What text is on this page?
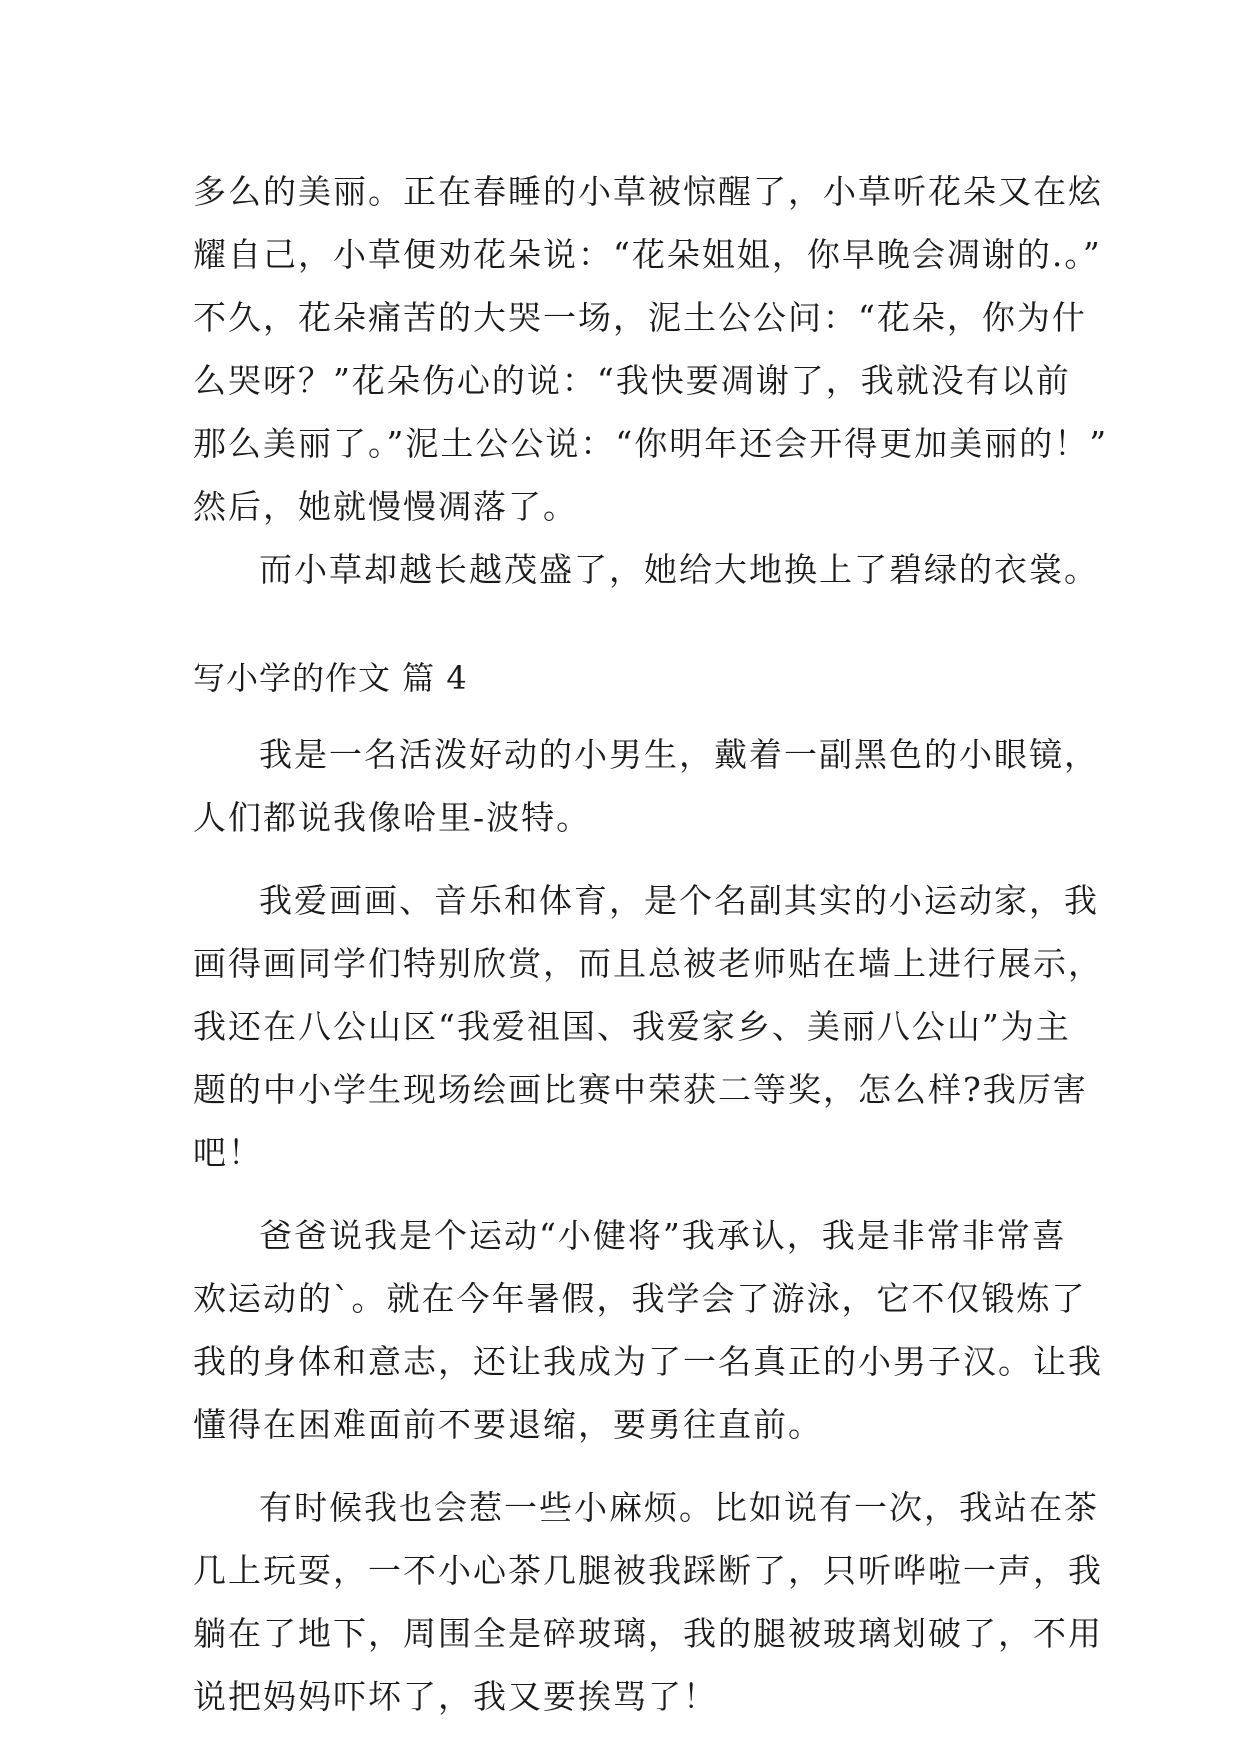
多么的美丽。正在春睡的小草被惊醒了，小草听花朵又在炫
耀自己，小草便劝花朵说：“花朵姐姐，你早晚会凋谢的.。”
不久，花朵痛苦的大哭一场，泥土公公问：“花朵，你为什
么哭呀？”花朵伤心的说：“我快要凋谢了，我就没有以前
那么美丽了。”泥土公公说：“你明年还会开得更加美丽的！”
然后，她就慢慢凋落了。
而小草却越长越茂盛了，她给大地换上了碧绿的衣裳。
写小学的作文 篇 4
我是一名活泼好动的小男生，戴着一副黑色的小眼镜，
人们都说我像哈里-波特。
我爱画画、音乐和体育，是个名副其实的小运动家，我
画得画同学们特别欣赏，而且总被老师贴在墙上进行展示，
我还在八公山区“我爱祖国、我爱家乡、美丽八公山”为主
题的中小学生现场绘画比赛中荣获二等奖，怎么样?我厉害
吧！
爸爸说我是个运动“小健将”我承认，我是非常非常喜
欢运动的`。就在今年暑假，我学会了游泳，它不仅锻炼了
我的身体和意志，还让我成为了一名真正的小男子汉。让我
懂得在困难面前不要退缩，要勇往直前。
有时候我也会惹一些小麻烦。比如说有一次，我站在茶
几上玩耍，一不小心茶几腿被我踩断了，只听哗啦一声，我
躺在了地下，周围全是碎玻璃，我的腿被玻璃划破了，不用
说把妈妈吓坏了，我又要挨骂了！
